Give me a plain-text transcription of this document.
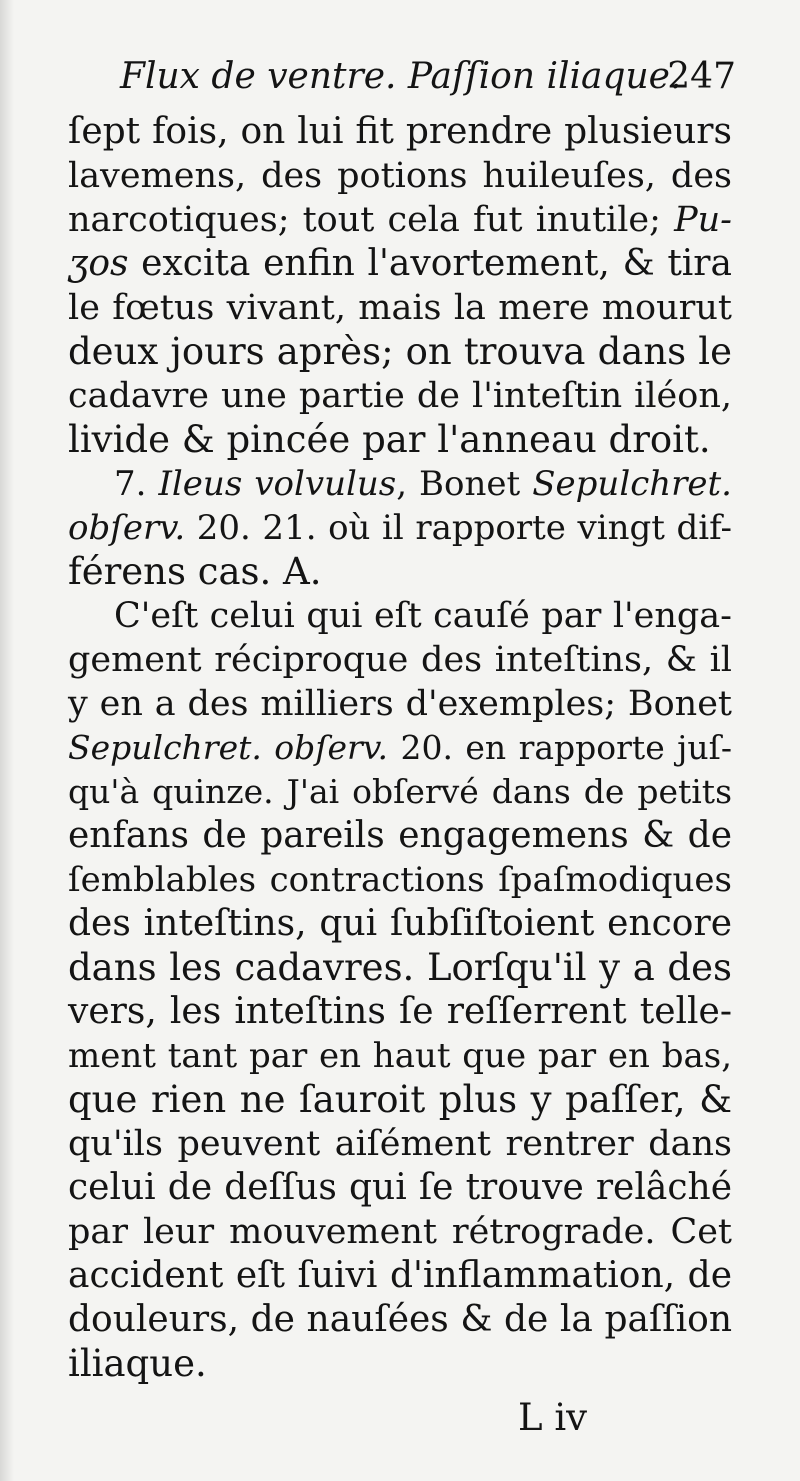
Flux de ventre. Paſſion iliaque.
247
ſept fois, on lui fit prendre plusieurs
lavemens, des potions huileuſes, des
narcotiques; tout cela fut inutile; Pu-
ʒos excita enfin l'avortement, & tira
le fœtus vivant, mais la mere mourut
deux jours après; on trouva dans le
cadavre une partie de l'inteſtin iléon,
livide & pincée par l'anneau droit.
7. Ileus volvulus, Bonet Sepulchret.
obſerv. 20. 21. où il rapporte vingt dif-
férens cas. A.
C'eſt celui qui eſt cauſé par l'enga-
gement réciproque des inteſtins, & il
y en a des milliers d'exemples; Bonet
Sepulchret. obſerv. 20. en rapporte juſ-
qu'à quinze. J'ai obſervé dans de petits
enfans de pareils engagemens & de
ſemblables contractions ſpaſmodiques
des inteſtins, qui ſubſiſtoient encore
dans les cadavres. Lorſqu'il y a des
vers, les inteſtins ſe reſſerrent telle-
ment tant par en haut que par en bas,
que rien ne ſauroit plus y paſſer, &
qu'ils peuvent aiſément rentrer dans
celui de deſſus qui ſe trouve relâché
par leur mouvement rétrograde. Cet
accident eſt ſuivi d'inflammation, de
douleurs, de nauſées & de la paſſion
iliaque.
L iv
